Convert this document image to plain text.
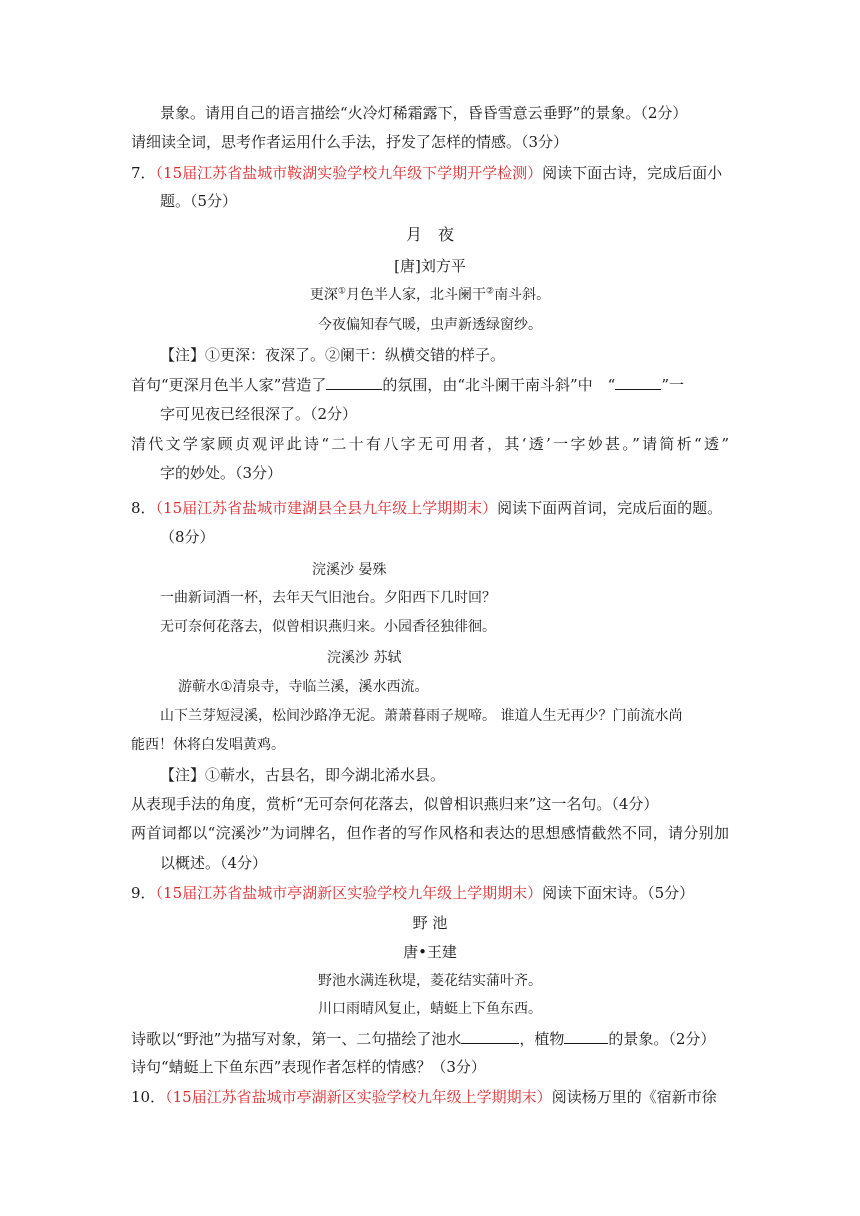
景象。请用自己的语言描绘“火冷灯稀霜露下，昏昏雪意云垂野”的景象。（2分）
请细读全词，思考作者运用什么手法，抒发了怎样的情感。（3分）
7．（15届江苏省盐城市鞍湖实验学校九年级下学期开学检测）阅读下面古诗，完成后面小
题。（5分）
月　夜
[唐]刘方平
更深①月色半人家，北斗阑干②南斗斜。
今夜偏知春气暖，虫声新透绿窗纱。
【注】①更深：夜深了。②阑干：纵横交错的样子。
首句“更深月色半人家”营造了	的氛围，由“北斗阑干南斗斜”中　“	”一
字可见夜已经很深了。（2分）
清代文学家顾贞观评此诗“二十有八字无可用者，其‘透’一字妙甚。”请简析“透”
字的妙处。（3分）
8．（15届江苏省盐城市建湖县全县九年级上学期期末）阅读下面两首词，完成后面的题。
（8分）
浣溪沙 晏殊
一曲新词酒一杯，去年天气旧池台。夕阳西下几时回？
无可奈何花落去，似曾相识燕归来。小园香径独徘徊。
浣溪沙 苏轼
游蕲水①清泉寺，寺临兰溪，溪水西流。
山下兰芽短浸溪，松间沙路净无泥。萧萧暮雨子规啼。 谁道人生无再少？门前流水尚
能西！休将白发唱黄鸡。
【注】①蕲水，古县名，即今湖北浠水县。
从表现手法的角度，赏析“无可奈何花落去，似曾相识燕归来”这一名句。（4分）
两首词都以“浣溪沙”为词牌名，但作者的写作风格和表达的思想感情截然不同，请分别加
以概述。（4分）
9．（15届江苏省盐城市亭湖新区实验学校九年级上学期期末）阅读下面宋诗。（5分）
野 池
唐•王建
野池水满连秋堤，菱花结实蒲叶齐。
川口雨晴风复止，蜻蜓上下鱼东西。
诗歌以“野池”为描写对象，第一、二句描绘了池水	，植物	的景象。（2分）
诗句“蜻蜓上下鱼东西”表现作者怎样的情感？（3分）
10．（15届江苏省盐城市亭湖新区实验学校九年级上学期期末）阅读杨万里的《宿新市徐
